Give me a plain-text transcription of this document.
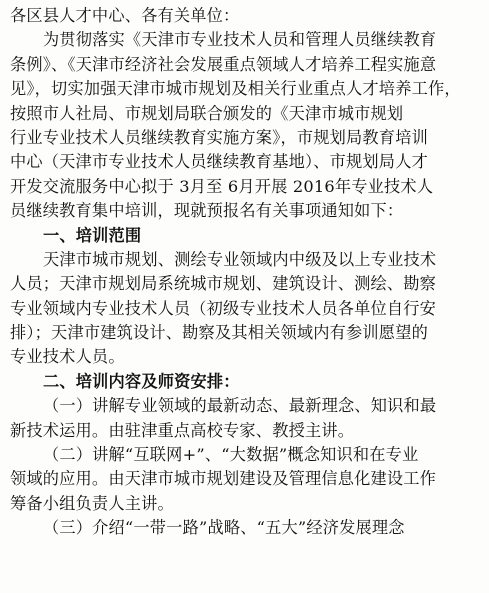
各区县人才中心、各有关单位：
为贯彻落实《天津市专业技术人员和管理人员继续教育
条例》、《天津市经济社会发展重点领域人才培养工程实施意
见》，切实加强天津市城市规划及相关行业重点人才培养工作，
按照市人社局、市规划局联合颁发的《天津市城市规划
行业专业技术人员继续教育实施方案》，市规划局教育培训
中心（天津市专业技术人员继续教育基地）、市规划局人才
开发交流服务中心拟于 3月至 6月开展 2016年专业技术人
员继续教育集中培训，现就预报名有关事项通知如下：
一、培训范围
天津市城市规划、测绘专业领域内中级及以上专业技术
人员；天津市规划局系统城市规划、建筑设计、测绘、勘察
专业领域内专业技术人员（初级专业技术人员各单位自行安
排）；天津市建筑设计、勘察及其相关领域内有参训愿望的
专业技术人员。
二、培训内容及师资安排：
（一）讲解专业领域的最新动态、最新理念、知识和最
新技术运用。由驻津重点高校专家、教授主讲。
（二）讲解“互联网+”、“大数据”概念知识和在专业
领域的应用。由天津市城市规划建设及管理信息化建设工作
筹备小组负责人主讲。
（三）介绍“一带一路”战略、“五大”经济发展理念
